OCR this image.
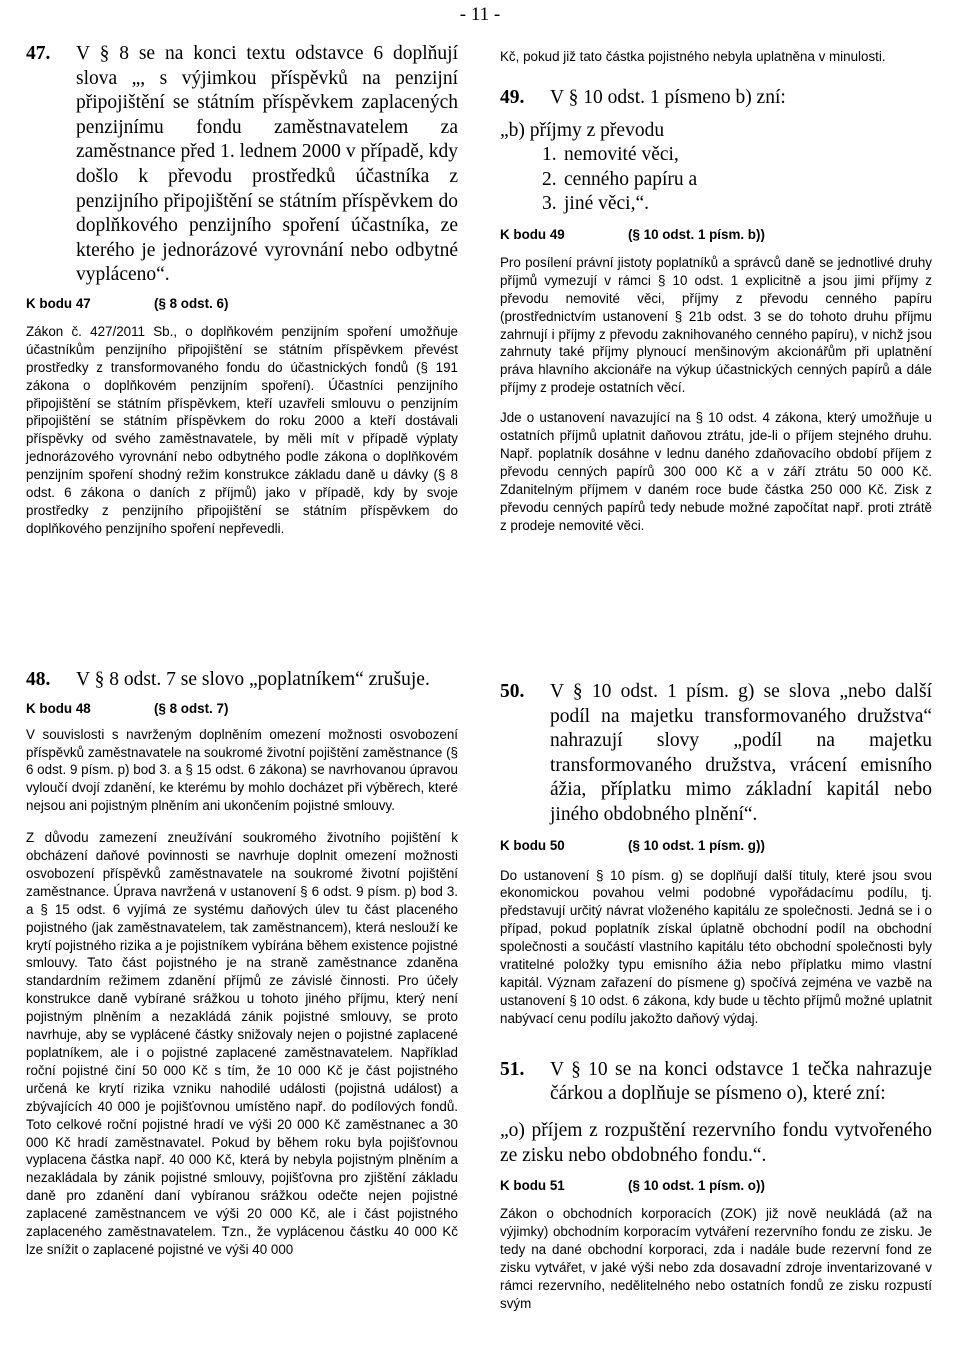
- 11 -
47.	V § 8 se na konci textu odstavce 6 doplňují slova „, s výjimkou příspěvků na penzijní připojištění se státním příspěvkem zaplacených penzijnímu fondu zaměstnavatelem za zaměstnance před 1. lednem 2000 v případě, kdy došlo k převodu prostředků účastníka z penzijního připojištění se státním příspěvkem do doplňkového penzijního spoření účastníka, ze kterého je jednorázové vyrovnání nebo odbytné vypláceno“.
K bodu 47	(§ 8 odst. 6)

Zákon č. 427/2011 Sb., o doplňkovém penzijním spoření umožňuje účastníkům penzijního připojištění se státním příspěvkem převést prostředky z transformovaného fondu do účastnických fondů (§ 191 zákona o doplňkovém penzijním spoření). Účastníci penzijního připojištění se státním příspěvkem, kteří uzavřeli smlouvu o penzijním připojištění se státním příspěvkem do roku 2000 a kteří dostávali příspěvky od svého zaměstnavatele, by měli mít v případě výplaty jednorázového vyrovnání nebo odbytného podle zákona o doplňkovém penzijním spoření shodný režim konstrukce základu daně u dávky (§ 8 odst. 6 zákona o daních z příjmů) jako v případě, kdy by svoje prostředky z penzijního připojištění se státním příspěvkem do doplňkového penzijního spoření nepřevedli.

Kč, pokud již tato částka pojistného nebyla uplatněna v minulosti.

49.	V § 10 odst. 1 písmeno b) zní:
„b) příjmy z převodu
1. nemovité věci,
2. cenného papíru a
3. jiné věci,“.
K bodu 49	(§ 10 odst. 1 písm. b))

Pro posílení právní jistoty poplatníků a správců daně se jednotlivé druhy příjmů vymezují v rámci § 10 odst. 1 explicitně a jsou jimi příjmy z převodu nemovité věci, příjmy z převodu cenného papíru (prostřednictvím ustanovení § 21b odst. 3 se do tohoto druhu příjmu zahrnují i příjmy z převodu zaknihovaného cenného papíru), v nichž jsou zahrnuty také příjmy plynoucí menšinovým akcionářům při uplatnění práva hlavního akcionáře na výkup účastnických cenných papírů a dále příjmy z prodeje ostatních věcí.

Jde o ustanovení navazující na § 10 odst. 4 zákona, který umožňuje u ostatních příjmů uplatnit daňovou ztrátu, jde-li o příjem stejného druhu. Např. poplatník dosáhne v lednu daného zdaňovacího období příjem z převodu cenných papírů 300 000 Kč a v září ztrátu 50 000 Kč. Zdanitelným příjmem v daném roce bude částka 250 000 Kč. Zisk z převodu cenných papírů tedy nebude možné započítat např. proti ztrátě z prodeje nemovité věci.

48.	V § 8 odst. 7 se slovo „poplatníkem“ zrušuje.
K bodu 48	(§ 8 odst. 7)

V souvislosti s navrženým doplněním omezení možnosti osvobození příspěvků zaměstnavatele na soukromé životní pojištění zaměstnance (§ 6 odst. 9 písm. p) bod 3. a § 15 odst. 6 zákona) se navrhovanou úpravou vyloučí dvojí zdanění, ke kterému by mohlo docházet při výběrech, které nejsou ani pojistným plněním ani ukončením pojistné smlouvy.

Z důvodu zamezení zneužívání soukromého životního pojištění k obcházení daňové povinnosti se navrhuje doplnit omezení možnosti osvobození příspěvků zaměstnavatele na soukromé životní pojištění zaměstnance. Úprava navržená v ustanovení § 6 odst. 9 písm. p) bod 3. a § 15 odst. 6 vyjímá ze systému daňových úlev tu část placeného pojistného (jak zaměstnavatelem, tak zaměstnancem), která neslouží ke krytí pojistného rizika a je pojistníkem vybírána během existence pojistné smlouvy. Tato část pojistného je na straně zaměstnance zdaněna standardním režimem zdanění příjmů ze závislé činnosti. Pro účely konstrukce daně vybírané srážkou u tohoto jiného příjmu, který není pojistným plněním a nezakládá zánik pojistné smlouvy, se proto navrhuje, aby se vyplácené částky snižovaly nejen o pojistné zaplacené poplatníkem, ale i o pojistné zaplacené zaměstnavatelem. Například roční pojistné činí 50 000 Kč s tím, že 10 000 Kč je část pojistného určená ke krytí rizika vzniku nahodilé události (pojistná událost) a zbývajících 40 000 je pojišťovnou umístěno např. do podílových fondů. Toto celkové roční pojistné hradí ve výši 20 000 Kč zaměstnanec a 30 000 Kč hradí zaměstnavatel. Pokud by během roku byla pojišťovnou vyplacena částka např. 40 000 Kč, která by nebyla pojistným plněním a nezakládala by zánik pojistné smlouvy, pojišťovna pro zjištění základu daně pro zdanění daní vybíranou srážkou odečte nejen pojistné zaplacené zaměstnancem ve výši 20 000 Kč, ale i část pojistného zaplaceného zaměstnavatelem. Tzn., že vyplácenou částku 40 000 Kč lze snížit o zaplacené pojistné ve výši 40 000

50.	V § 10 odst. 1 písm. g) se slova „nebo další podíl na majetku transformovaného družstva“ nahrazují slovy „podíl na majetku transformovaného družstva, vrácení emisního ážia, příplatku mimo základní kapitál nebo jiného obdobného plnění“.
K bodu 50	(§ 10 odst. 1 písm. g))

Do ustanovení § 10 písm. g) se doplňují další tituly, které jsou svou ekonomickou povahou velmi podobné vypořádacímu podílu, tj. představují určitý návrat vloženého kapitálu ze společnosti. Jedná se i o případ, pokud poplatník získal úplatně obchodní podíl na obchodní společnosti a součástí vlastního kapitálu této obchodní společnosti byly vratitelné položky typu emisního ážia nebo příplatku mimo vlastní kapitál. Význam zařazení do písmene g) spočívá zejména ve vazbě na ustanovení § 10 odst. 6 zákona, kdy bude u těchto příjmů možné uplatnit nabývací cenu podílu jakožto daňový výdaj.

51.	V § 10 se na konci odstavce 1 tečka nahrazuje čárkou a doplňuje se písmeno o), které zní:
„o) příjem z rozpuštění rezervního fondu vytvořeného ze zisku nebo obdobného fondu.“.
K bodu 51	(§ 10 odst. 1 písm. o))

Zákon o obchodních korporacích (ZOK) již nově neukládá (až na výjimky) obchodním korporacím vytváření rezervního fondu ze zisku. Je tedy na dané obchodní korporaci, zda i nadále bude rezervní fond ze zisku vytvářet, v jaké výši nebo zda dosavadní zdroje inventarizované v rámci rezervního, nedělitelného nebo ostatních fondů ze zisku rozpustí svým
